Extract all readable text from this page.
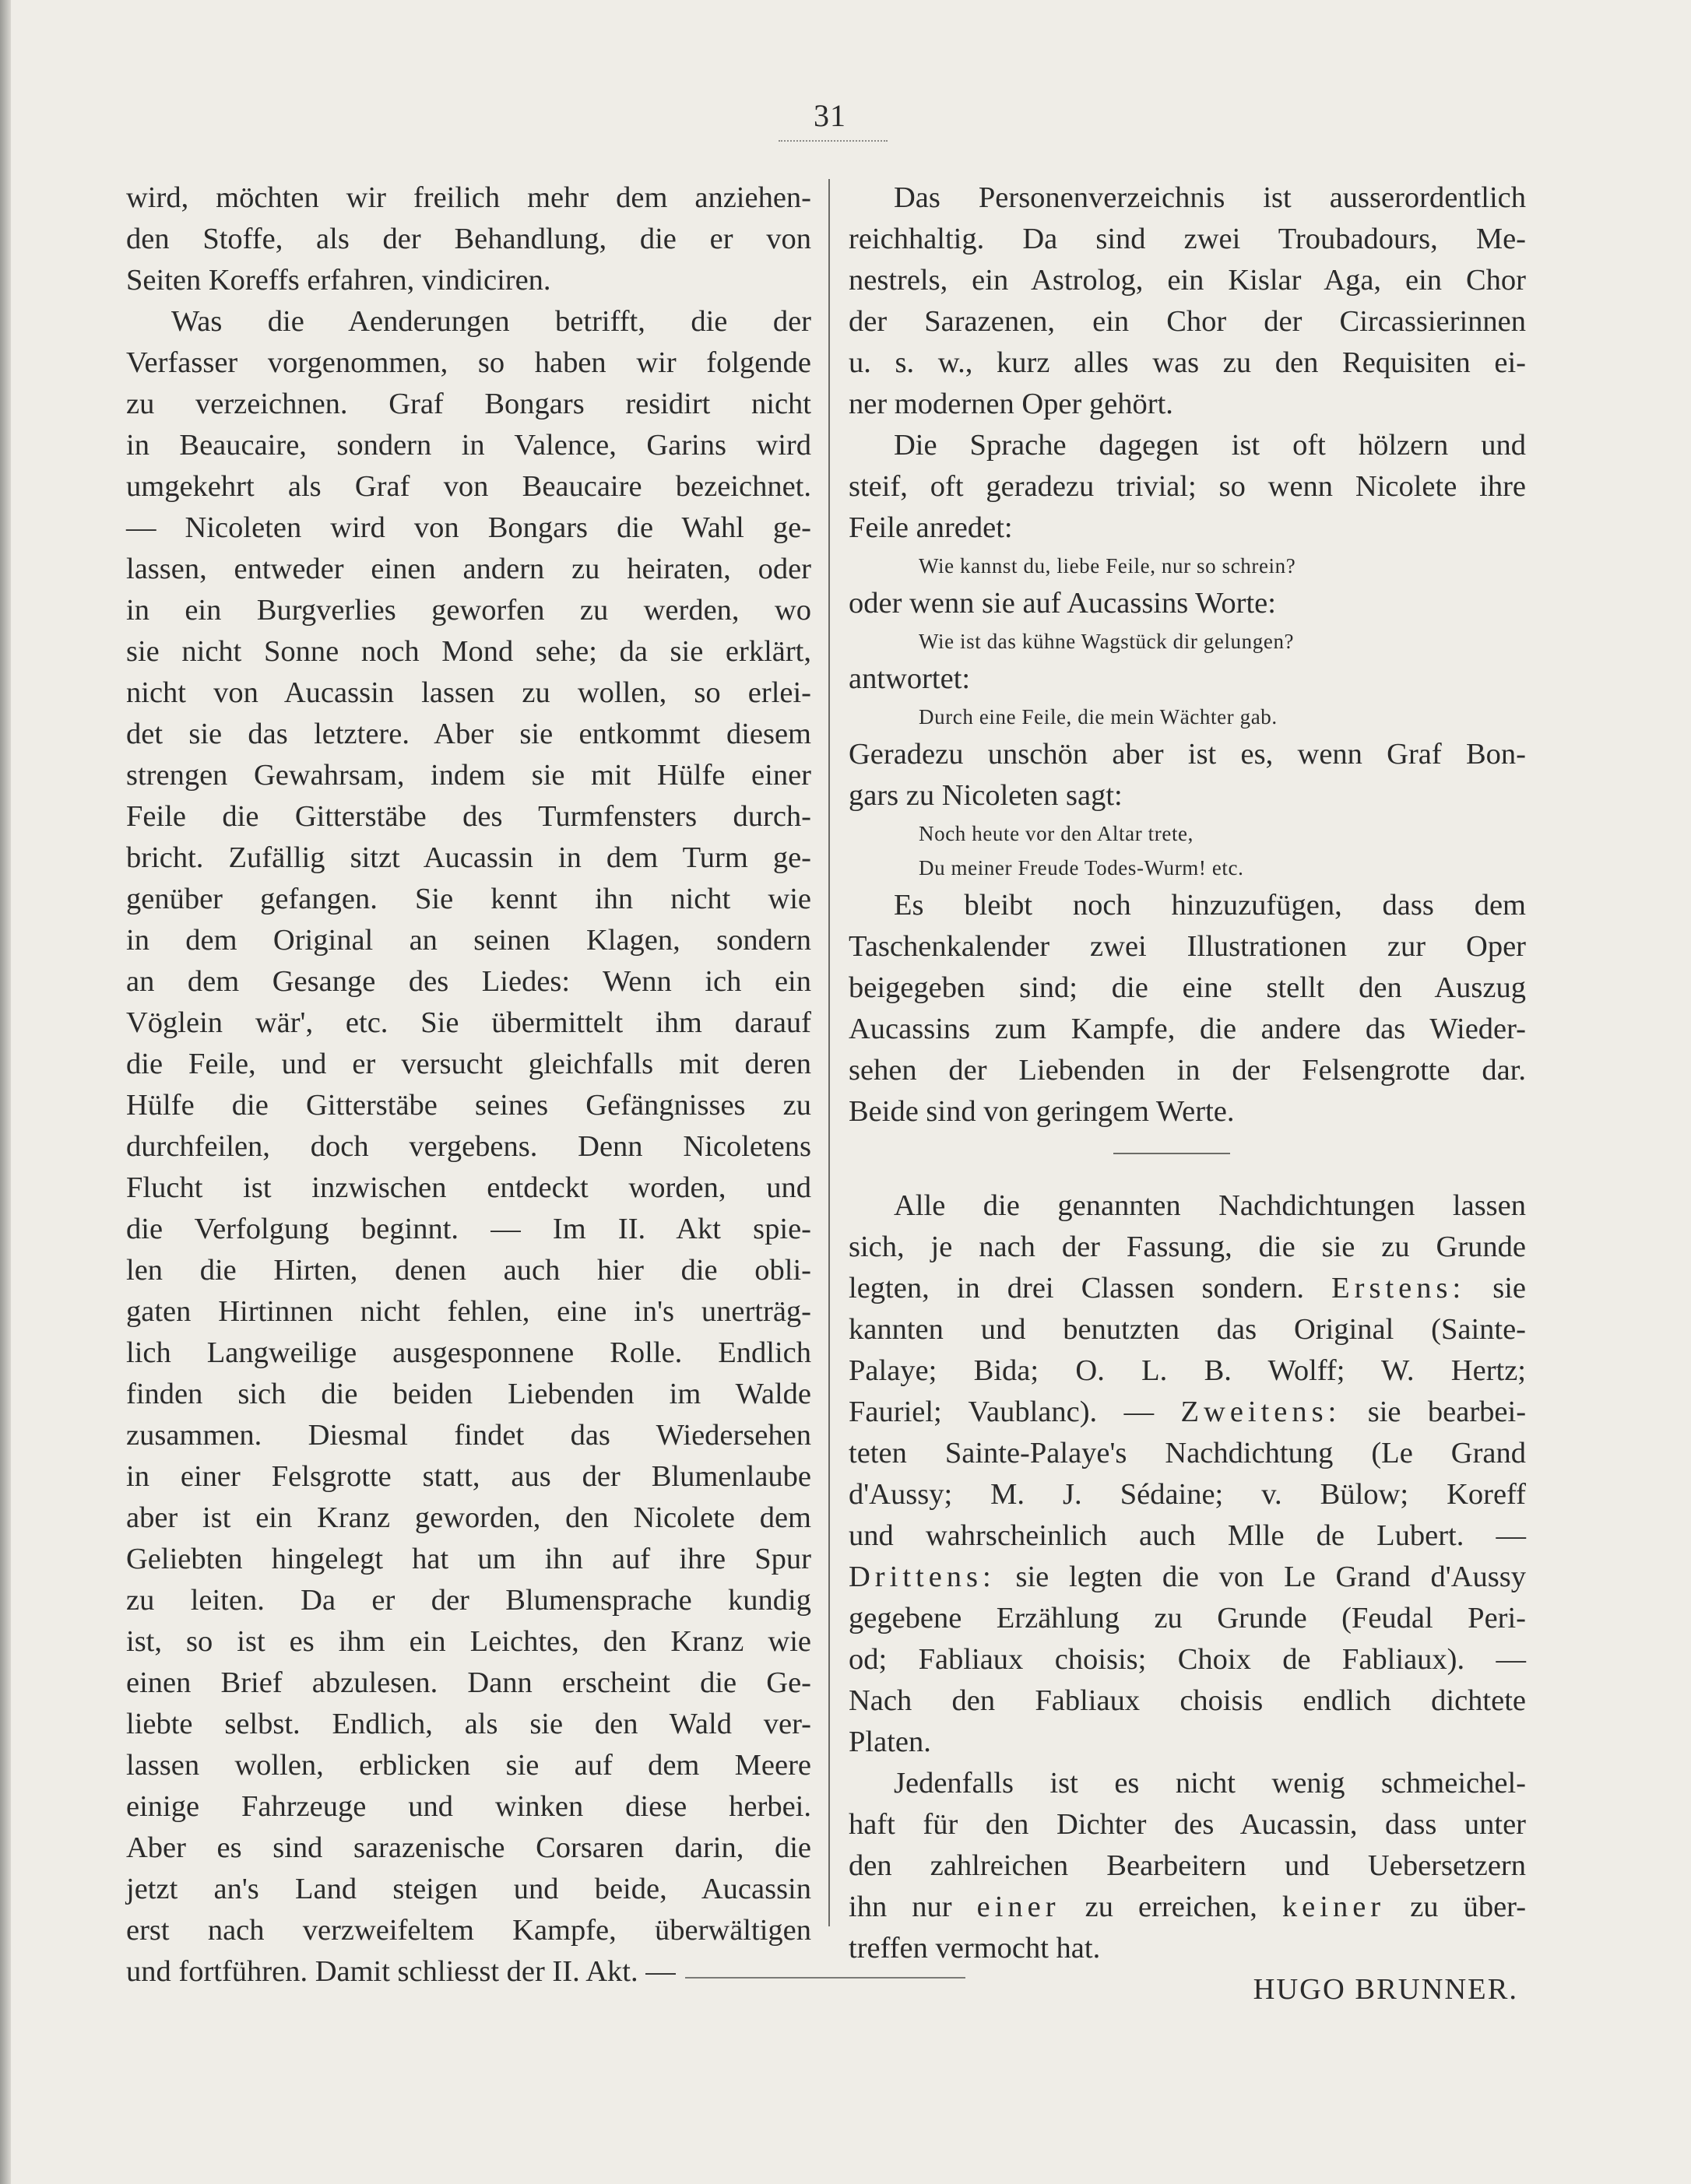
31
wird, möchten wir freilich mehr dem anziehen-
den Stoffe, als der Behandlung, die er von
Seiten Koreffs erfahren, vindiciren.
Was die Aenderungen betrifft, die der
Verfasser vorgenommen, so haben wir folgende
zu verzeichnen. Graf Bongars residirt nicht
in Beaucaire, sondern in Valence, Garins wird
umgekehrt als Graf von Beaucaire bezeichnet.
— Nicoleten wird von Bongars die Wahl ge-
lassen, entweder einen andern zu heiraten, oder
in ein Burgverlies geworfen zu werden, wo
sie nicht Sonne noch Mond sehe; da sie erklärt,
nicht von Aucassin lassen zu wollen, so erlei-
det sie das letztere. Aber sie entkommt diesem
strengen Gewahrsam, indem sie mit Hülfe einer
Feile die Gitterstäbe des Turmfensters durch-
bricht. Zufällig sitzt Aucassin in dem Turm ge-
genüber gefangen. Sie kennt ihn nicht wie
in dem Original an seinen Klagen, sondern
an dem Gesange des Liedes: Wenn ich ein
Vöglein wär', etc. Sie übermittelt ihm darauf
die Feile, und er versucht gleichfalls mit deren
Hülfe die Gitterstäbe seines Gefängnisses zu
durchfeilen, doch vergebens. Denn Nicoletens
Flucht ist inzwischen entdeckt worden, und
die Verfolgung beginnt. — Im II. Akt spie-
len die Hirten, denen auch hier die obli-
gaten Hirtinnen nicht fehlen, eine in's unerträg-
lich Langweilige ausgesponnene Rolle. Endlich
finden sich die beiden Liebenden im Walde
zusammen. Diesmal findet das Wiedersehen
in einer Felsgrotte statt, aus der Blumenlaube
aber ist ein Kranz geworden, den Nicolete dem
Geliebten hingelegt hat um ihn auf ihre Spur
zu leiten. Da er der Blumensprache kundig
ist, so ist es ihm ein Leichtes, den Kranz wie
einen Brief abzulesen. Dann erscheint die Ge-
liebte selbst. Endlich, als sie den Wald ver-
lassen wollen, erblicken sie auf dem Meere
einige Fahrzeuge und winken diese herbei.
Aber es sind sarazenische Corsaren darin, die
jetzt an's Land steigen und beide, Aucassin
erst nach verzweifeltem Kampfe, überwältigen
und fortführen. Damit schliesst der II. Akt. —
Das Personenverzeichnis ist ausserordentlich
reichhaltig. Da sind zwei Troubadours, Me-
nestrels, ein Astrolog, ein Kislar Aga, ein Chor
der Sarazenen, ein Chor der Circassierinnen
u. s. w., kurz alles was zu den Requisiten ei-
ner modernen Oper gehört.
Die Sprache dagegen ist oft hölzern und
steif, oft geradezu trivial; so wenn Nicolete ihre
Feile anredet:
Wie kannst du, liebe Feile, nur so schrein?
oder wenn sie auf Aucassins Worte:
Wie ist das kühne Wagstück dir gelungen?
antwortet:
Durch eine Feile, die mein Wächter gab.
Geradezu unschön aber ist es, wenn Graf Bon-
gars zu Nicoleten sagt:
Noch heute vor den Altar trete,
Du meiner Freude Todes-Wurm! etc.
Es bleibt noch hinzuzufügen, dass dem
Taschenkalender zwei Illustrationen zur Oper
beigegeben sind; die eine stellt den Auszug
Aucassins zum Kampfe, die andere das Wieder-
sehen der Liebenden in der Felsengrotte dar.
Beide sind von geringem Werte.
Alle die genannten Nachdichtungen lassen
sich, je nach der Fassung, die sie zu Grunde
legten, in drei Classen sondern. Erstens: sie
kannten und benutzten das Original (Sainte-
Palaye; Bida; O. L. B. Wolff; W. Hertz;
Fauriel; Vaublanc). — Zweitens: sie bearbei-
teten Sainte-Palaye's Nachdichtung (Le Grand
d'Aussy; M. J. Sédaine; v. Bülow; Koreff
und wahrscheinlich auch Mlle de Lubert. —
Drittens: sie legten die von Le Grand d'Aussy
gegebene Erzählung zu Grunde (Feudal Peri-
od; Fabliaux choisis; Choix de Fabliaux). —
Nach den Fabliaux choisis endlich dichtete
Platen.
Jedenfalls ist es nicht wenig schmeichel-
haft für den Dichter des Aucassin, dass unter
den zahlreichen Bearbeitern und Uebersetzern
ihn nur einer zu erreichen, keiner zu über-
treffen vermocht hat.
HUGO BRUNNER.
